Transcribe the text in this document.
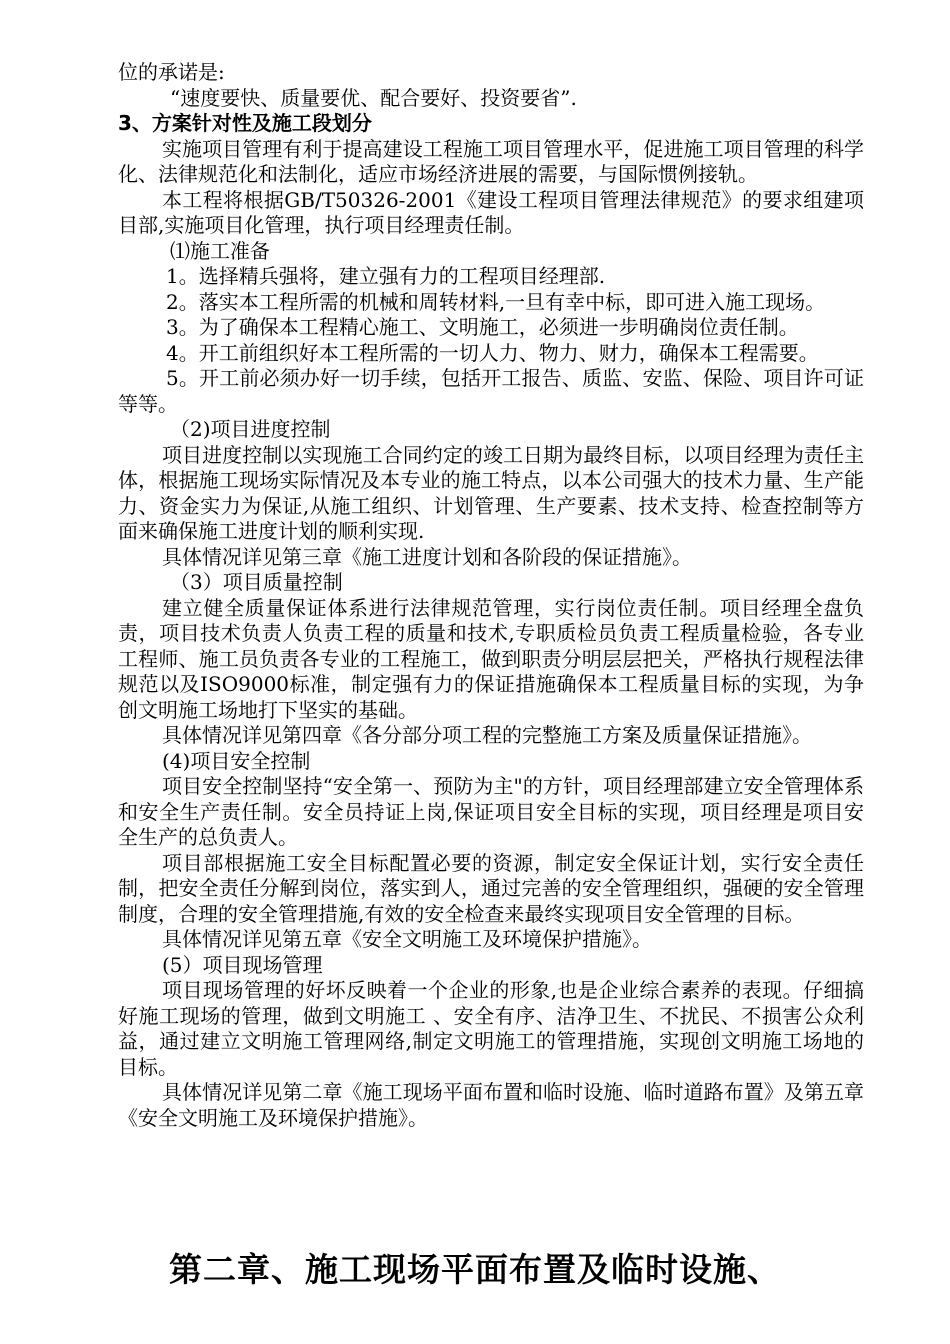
位的承诺是:

“速度要快、质量要优、配合要好、投资要省”.

3、方案针对性及施工段划分

实施项目管理有利于提高建设工程施工项目管理水平，促进施工项目管理的科学化、法律规范化和法制化，适应市场经济进展的需要，与国际惯例接轨。

本工程将根据GB/T50326-2001《建设工程项目管理法律规范》的要求组建项目部,实施项目化管理，执行项目经理责任制。

⑴施工准备

1。选择精兵强将，建立强有力的工程项目经理部.

2。落实本工程所需的机械和周转材料,一旦有幸中标，即可进入施工现场。

3。为了确保本工程精心施工、文明施工，必须进一步明确岗位责任制。

4。开工前组织好本工程所需的一切人力、物力、财力，确保本工程需要。

5。开工前必须办好一切手续，包括开工报告、质监、安监、保险、项目许可证等等。

（2)项目进度控制

项目进度控制以实现施工合同约定的竣工日期为最终目标，以项目经理为责任主体，根据施工现场实际情况及本专业的施工特点，以本公司强大的技术力量、生产能力、资金实力为保证,从施工组织、计划管理、生产要素、技术支持、检查控制等方面来确保施工进度计划的顺利实现.

具体情况详见第三章《施工进度计划和各阶段的保证措施》。

（3）项目质量控制

建立健全质量保证体系进行法律规范管理，实行岗位责任制。项目经理全盘负责，项目技术负责人负责工程的质量和技术,专职质检员负责工程质量检验，各专业工程师、施工员负责各专业的工程施工，做到职责分明层层把关，严格执行规程法律规范以及ISO9000标准，制定强有力的保证措施确保本工程质量目标的实现，为争创文明施工场地打下坚实的基础。

具体情况详见第四章《各分部分项工程的完整施工方案及质量保证措施》。

(4)项目安全控制

项目安全控制坚持“安全第一、预防为主"的方针，项目经理部建立安全管理体系和安全生产责任制。安全员持证上岗,保证项目安全目标的实现，项目经理是项目安全生产的总负责人。

项目部根据施工安全目标配置必要的资源，制定安全保证计划，实行安全责任制，把安全责任分解到岗位，落实到人，通过完善的安全管理组织，强硬的安全管理制度，合理的安全管理措施,有效的安全检查来最终实现项目安全管理的目标。

具体情况详见第五章《安全文明施工及环境保护措施》。

(5）项目现场管理

项目现场管理的好坏反映着一个企业的形象,也是企业综合素养的表现。仔细搞好施工现场的管理，做到文明施工 、安全有序、洁净卫生、不扰民、不损害公众利益，通过建立文明施工管理网络,制定文明施工的管理措施，实现创文明施工场地的目标。

具体情况详见第二章《施工现场平面布置和临时设施、临时道路布置》及第五章《安全文明施工及环境保护措施》。

第二章、施工现场平面布置及临时设施、
